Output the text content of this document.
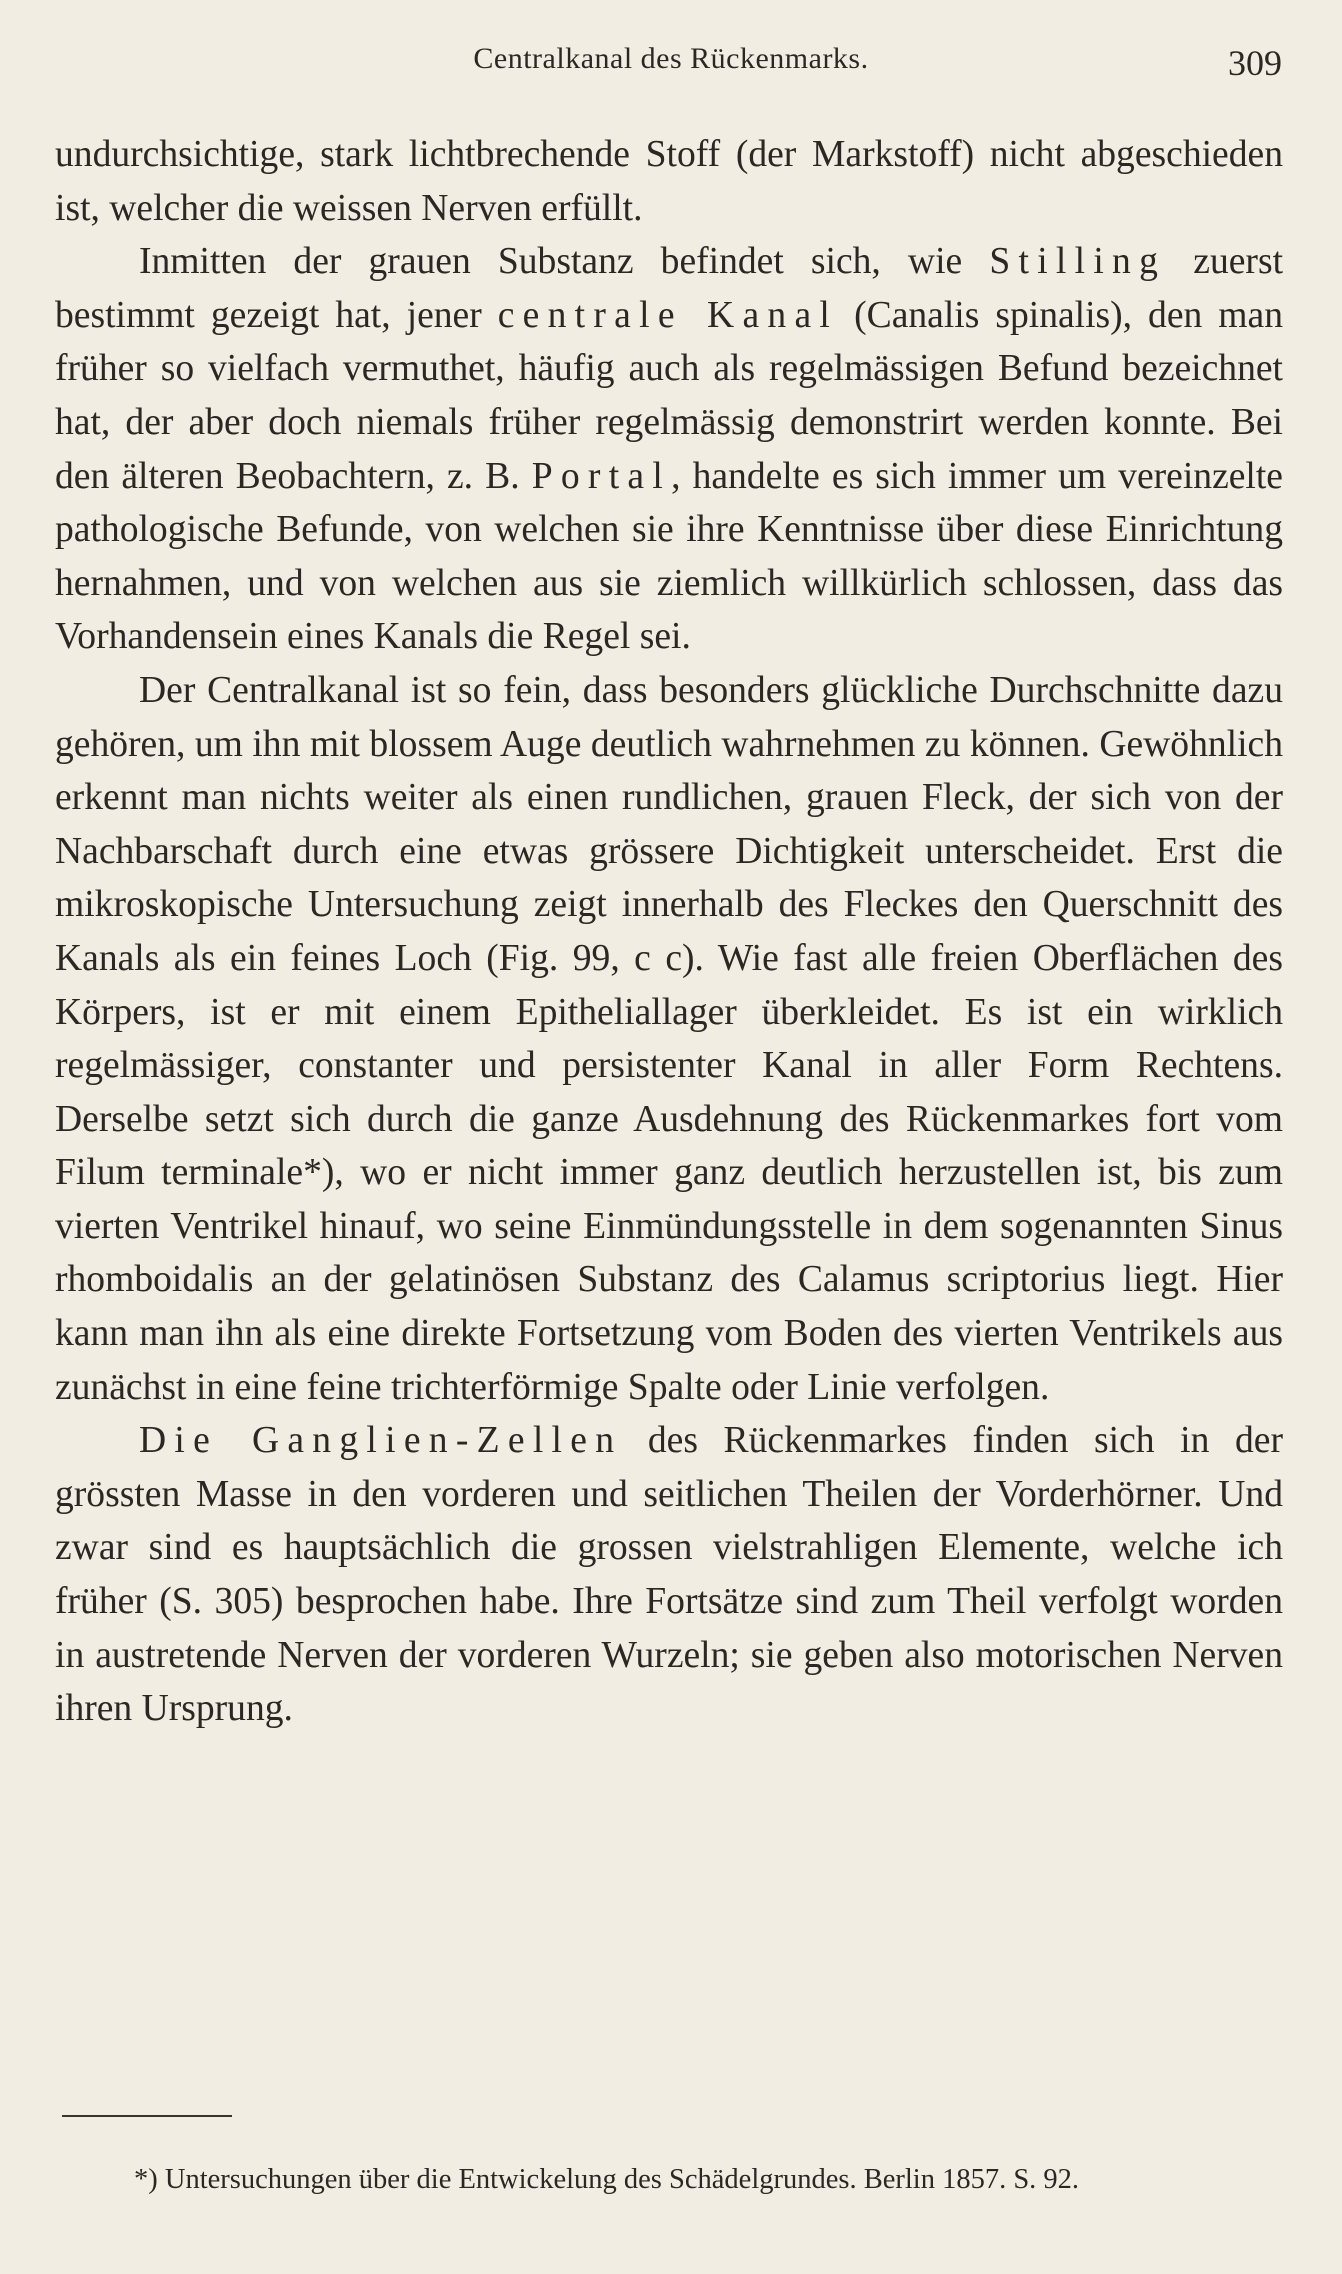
Centralkanal des Rückenmarks.	309

undurchsichtige, stark lichtbrechende Stoff (der Markstoff) nicht abgeschieden ist, welcher die weissen Nerven erfüllt.

Inmitten der grauen Substanz befindet sich, wie Stilling zuerst bestimmt gezeigt hat, jener centrale Kanal (Canalis spinalis), den man früher so vielfach vermuthet, häufig auch als regelmässigen Befund bezeichnet hat, der aber doch niemals früher regelmässig demonstrirt werden konnte. Bei den älteren Beobachtern, z. B. Portal, handelte es sich immer um vereinzelte pathologische Befunde, von welchen sie ihre Kenntnisse über diese Einrichtung hernahmen, und von welchen aus sie ziemlich willkürlich schlossen, dass das Vorhandensein eines Kanals die Regel sei.

Der Centralkanal ist so fein, dass besonders glückliche Durchschnitte dazu gehören, um ihn mit blossem Auge deutlich wahrnehmen zu können. Gewöhnlich erkennt man nichts weiter als einen rundlichen, grauen Fleck, der sich von der Nachbarschaft durch eine etwas grössere Dichtigkeit unterscheidet. Erst die mikroskopische Untersuchung zeigt innerhalb des Fleckes den Querschnitt des Kanals als ein feines Loch (Fig. 99, c c). Wie fast alle freien Oberflächen des Körpers, ist er mit einem Epitheliallager überkleidet. Es ist ein wirklich regelmässiger, constanter und persistenter Kanal in aller Form Rechtens. Derselbe setzt sich durch die ganze Ausdehnung des Rückenmarkes fort vom Filum terminale*), wo er nicht immer ganz deutlich herzustellen ist, bis zum vierten Ventrikel hinauf, wo seine Einmündungsstelle in dem sogenannten Sinus rhomboidalis an der gelatinösen Substanz des Calamus scriptorius liegt. Hier kann man ihn als eine direkte Fortsetzung vom Boden des vierten Ventrikels aus zunächst in eine feine trichterförmige Spalte oder Linie verfolgen.

Die Ganglien-Zellen des Rückenmarkes finden sich in der grössten Masse in den vorderen und seitlichen Theilen der Vorderhörner. Und zwar sind es hauptsächlich die grossen vielstrahligen Elemente, welche ich früher (S. 305) besprochen habe. Ihre Fortsätze sind zum Theil verfolgt worden in austretende Nerven der vorderen Wurzeln; sie geben also motorischen Nerven ihren Ursprung.

*) Untersuchungen über die Entwickelung des Schädelgrundes. Berlin 1857. S. 92.
